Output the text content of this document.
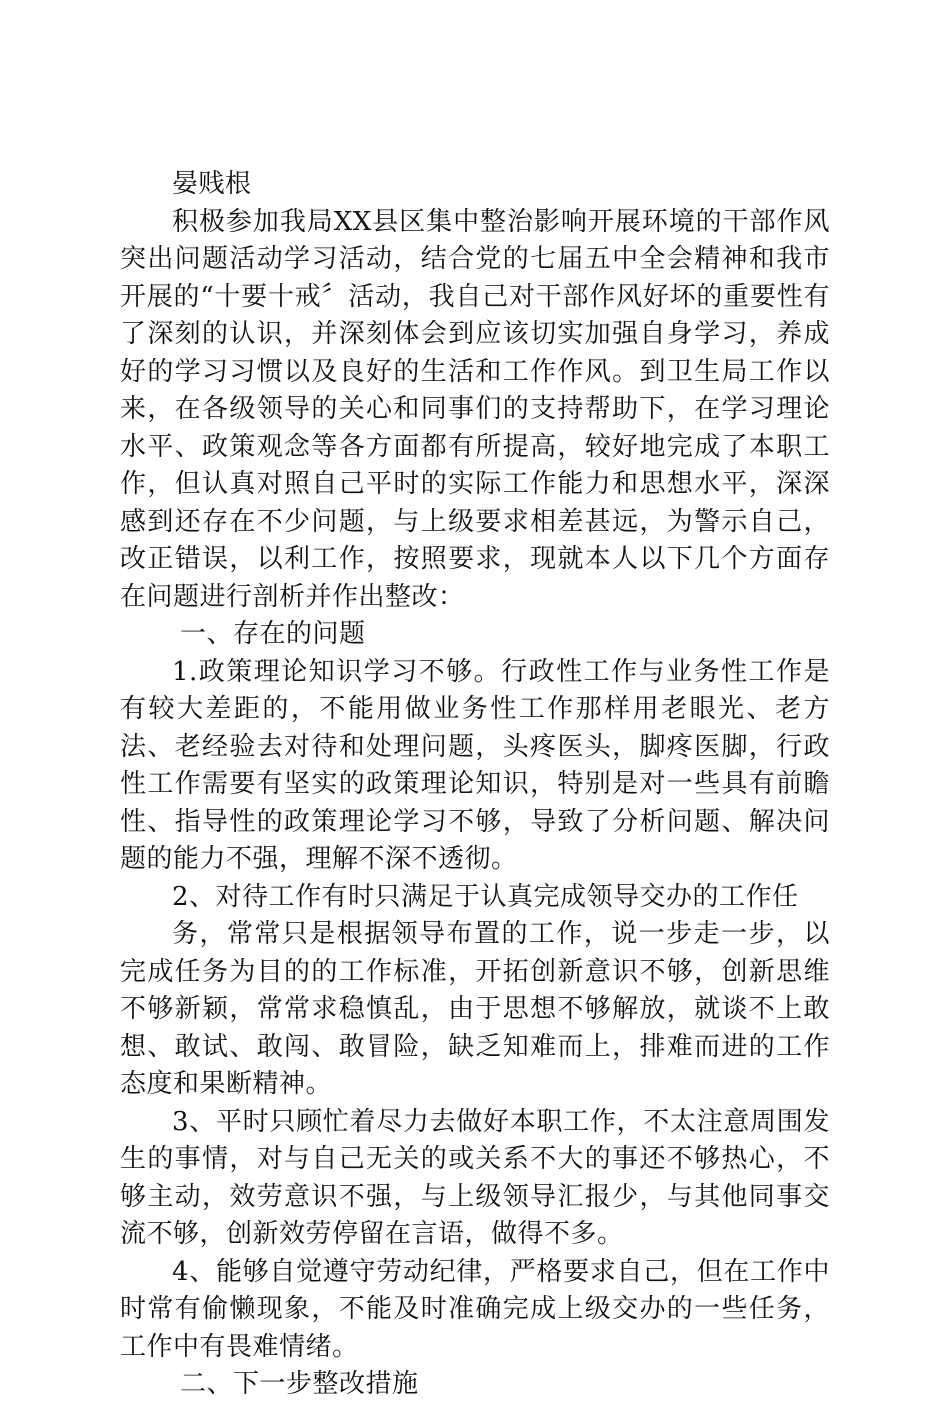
晏贱根

积极参加我局XX县区集中整治影响开展环境的干部作风突出问题活动学习活动，结合党的七届五中全会精神和我市开展的“十要十戒〞活动，我自己对干部作风好坏的重要性有了深刻的认识，并深刻体会到应该切实加强自身学习，养成好的学习习惯以及良好的生活和工作作风。到卫生局工作以来，在各级领导的关心和同事们的支持帮助下，在学习理论水平、政策观念等各方面都有所提高，较好地完成了本职工作，但认真对照自己平时的实际工作能力和思想水平，深深感到还存在不少问题，与上级要求相差甚远，为警示自己，改正错误，以利工作，按照要求，现就本人以下几个方面存在问题进行剖析并作出整改：

一、存在的问题

1.政策理论知识学习不够。行政性工作与业务性工作是有较大差距的，不能用做业务性工作那样用老眼光、老方法、老经验去对待和处理问题，头疼医头，脚疼医脚，行政性工作需要有坚实的政策理论知识，特别是对一些具有前瞻性、指导性的政策理论学习不够，导致了分析问题、解决问题的能力不强，理解不深不透彻。

2、对待工作有时只满足于认真完成领导交办的工作任

务，常常只是根据领导布置的工作，说一步走一步，以完成任务为目的的工作标准，开拓创新意识不够，创新思维不够新颖，常常求稳慎乱，由于思想不够解放，就谈不上敢想、敢试、敢闯、敢冒险，缺乏知难而上，排难而进的工作态度和果断精神。

3、平时只顾忙着尽力去做好本职工作，不太注意周围发生的事情，对与自己无关的或关系不大的事还不够热心，不够主动，效劳意识不强，与上级领导汇报少，与其他同事交流不够，创新效劳停留在言语，做得不多。

4、能够自觉遵守劳动纪律，严格要求自己，但在工作中时常有偷懒现象，不能及时准确完成上级交办的一些任务，工作中有畏难情绪。

二、下一步整改措施
